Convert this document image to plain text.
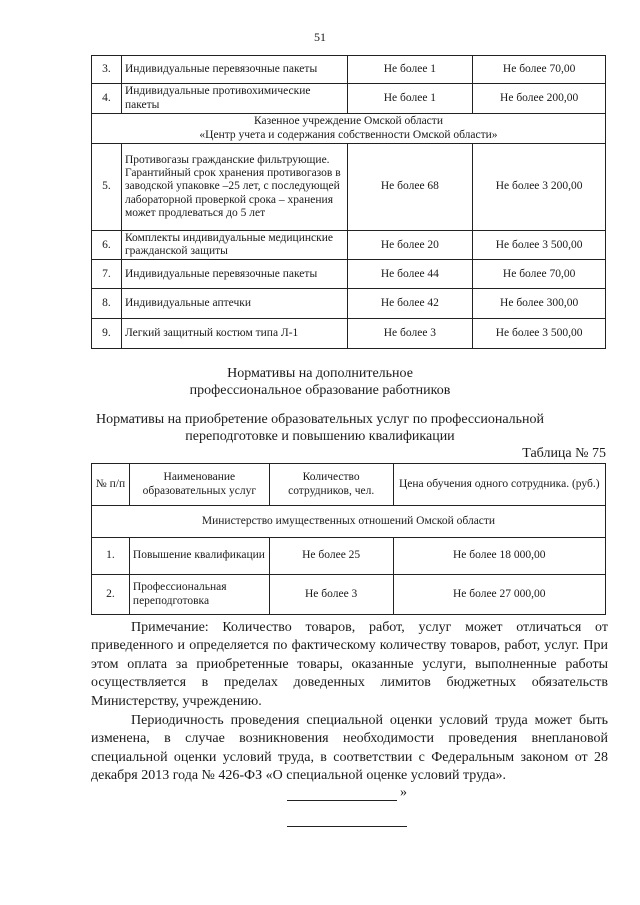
51
3.	Индивидуальные перевязочные пакеты	Не более 1	Не более 70,00
4.	Индивидуальные противохимические пакеты	Не более 1	Не более 200,00

Казенное учреждение Омской области
«Центр учета и содержания собственности Омской области»			

5.	Противогазы гражданские фильтрующие. Гарантийный срок хранения противогазов в заводской упаковке –25 лет, с последующей лабораторной проверкой срока – хранения может продлеваться до 5 лет	Не более 68	Не более 3 200,00
6.	Комплекты индивидуальные медицинские гражданской защиты	Не более 20	Не более 3 500,00
7.	Индивидуальные перевязочные пакеты	Не более 44	Не более 70,00
8.	Индивидуальные аптечки	Не более 42	Не более 300,00
9.	Легкий защитный костюм типа Л-1	Не более 3	Не более 3 500,00
Нормативы на дополнительное
профессиональное образование работников
Нормативы на приобретение образовательных услуг по профессиональной
переподготовке и повышению квалификации
Таблица № 75
№ п/п	Наименование образовательных услуг	Количество сотрудников, чел.	Цена обучения одного сотрудника. (руб.)
Министерство имущественных отношений Омской области			
1.	Повышение квалификации	Не более 25	Не более 18 000,00
2.	Профессиональная переподготовка	Не более 3	Не более 27 000,00

Примечание: Количество товаров, работ, услуг может отличаться от приведенного и определяется по фактическому количеству товаров, работ, услуг. При этом оплата за приобретенные товары, оказанные услуги, выполненные работы осуществляется в пределах доведенных лимитов бюджетных обязательств Министерству, учреждению.

Периодичность проведения специальной оценки условий труда может быть изменена, в случае возникновения необходимости проведения внеплановой специальной оценки условий труда, в соответствии с Федеральным законом от 28 декабря 2013 года № 426-ФЗ «О специальной оценке условий труда».

»
